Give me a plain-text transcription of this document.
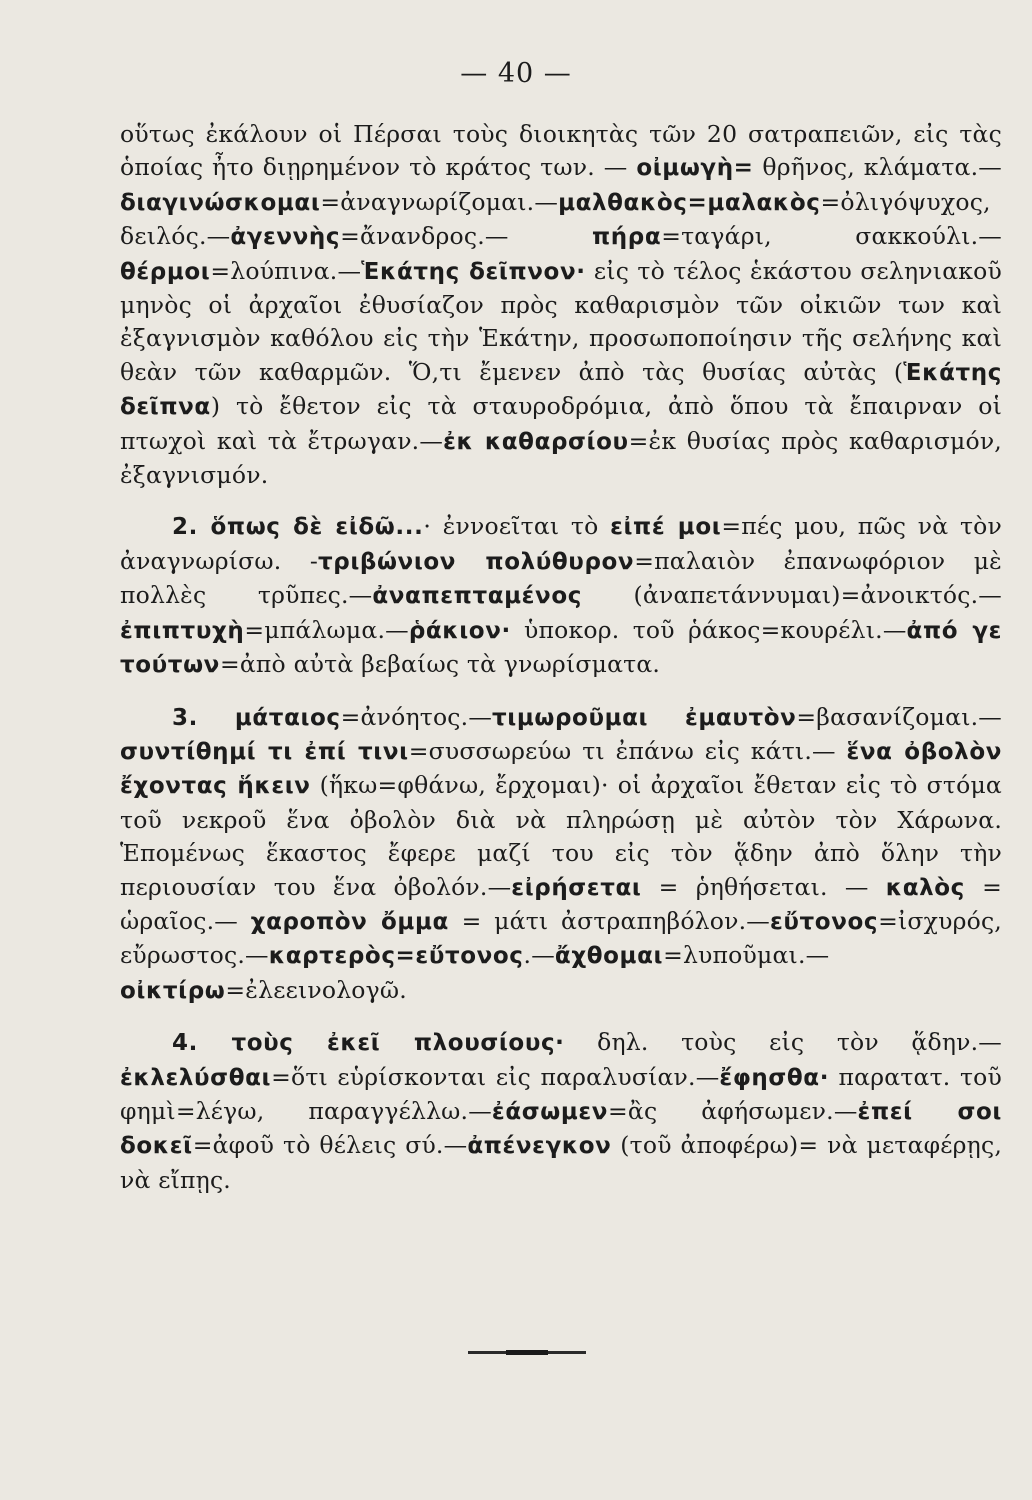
— 40 —

οὕτως ἐκάλουν οἱ Πέρσαι τοὺς διοικητὰς τῶν 20 σατραπειῶν, εἰς τὰς ὁποίας ἦτο διῃρημένον τὸ κράτος των. — οἰμωγὴ= θρῆνος, κλάματα.—διαγινώσκομαι=ἀναγνωρίζομαι.—μαλθακὸς=μαλακὸς=ὀλιγόψυχος, δειλός.—ἀγεννὴς=ἄνανδρος.— πήρα=ταγάρι, σακκούλι.—θέρμοι=λούπινα.—Ἑκάτης δεῖπνον· εἰς τὸ τέλος ἑκάστου σεληνιακοῦ μηνὸς οἱ ἀρχαῖοι ἐθυσίαζον πρὸς καθαρισμὸν τῶν οἰκιῶν των καὶ ἐξαγνισμὸν καθόλου εἰς τὴν Ἑκάτην, προσωποποίησιν τῆς σελήνης καὶ θεὰν τῶν καθαρμῶν. Ὅ,τι ἔμενεν ἀπὸ τὰς θυσίας αὐτὰς (Ἑκάτης δεῖπνα) τὸ ἔθετον εἰς τὰ σταυροδρόμια, ἀπὸ ὅπου τὰ ἔπαιρναν οἱ πτωχοὶ καὶ τὰ ἔτρωγαν.—ἐκ καθαρσίου=ἐκ θυσίας πρὸς καθαρισμόν, ἐξαγνισμόν.

2. ὅπως δὲ εἰδῶ...· ἐννοεῖται τὸ εἰπέ μοι=πές μου, πῶς νὰ τὸν ἀναγνωρίσω. -τριβώνιον πολύθυρον=παλαιὸν ἐπανωφόριον μὲ πολλὲς τρῦπες.—ἀναπεπταμένος (ἀναπετάννυμαι)=ἀνοικτός.—ἐπιπτυχὴ=μπάλωμα.—ῥάκιον· ὑποκορ. τοῦ ῥάκος=κουρέλι.—ἀπό γε τούτων=ἀπὸ αὐτὰ βεβαίως τὰ γνωρίσματα.

3. μάταιος=ἀνόητος.—τιμωροῦμαι ἐμαυτὸν=βασανίζομαι.—συντίθημί τι ἐπί τινι=συσσωρεύω τι ἐπάνω εἰς κάτι.— ἕνα ὀβολὸν ἔχοντας ἥκειν (ἥκω=φθάνω, ἔρχομαι)· οἱ ἀρχαῖοι ἔθεταν εἰς τὸ στόμα τοῦ νεκροῦ ἕνα ὀβολὸν διὰ νὰ πληρώσῃ μὲ αὐτὸν τὸν Χάρωνα. Ἑπομένως ἕκαστος ἔφερε μαζί του εἰς τὸν ᾅδην ἀπὸ ὅλην τὴν περιουσίαν του ἕνα ὀβολόν.—εἰρήσεται = ῥηθήσεται. — καλὸς = ὡραῖος.— χαροπὸν ὄμμα = μάτι ἀστραπηβόλον.—εὔτονος=ἰσχυρός, εὔρωστος.—καρτερὸς=εὔτονος.—ἄχθομαι=λυποῦμαι.—οἰκτίρω=ἐλεεινολογῶ.

4. τοὺς ἐκεῖ πλουσίους· δηλ. τοὺς εἰς τὸν ᾅδην.—ἐκλελύσθαι=ὅτι εὑρίσκονται εἰς παραλυσίαν.—ἔφησθα· παρατατ. τοῦ φημὶ=λέγω, παραγγέλλω.—ἐάσωμεν=ἂς ἀφήσωμεν.—ἐπεί σοι δοκεῖ=ἀφοῦ τὸ θέλεις σύ.—ἀπένεγκον (τοῦ ἀποφέρω)= νὰ μεταφέρῃς, νὰ εἴπῃς.
